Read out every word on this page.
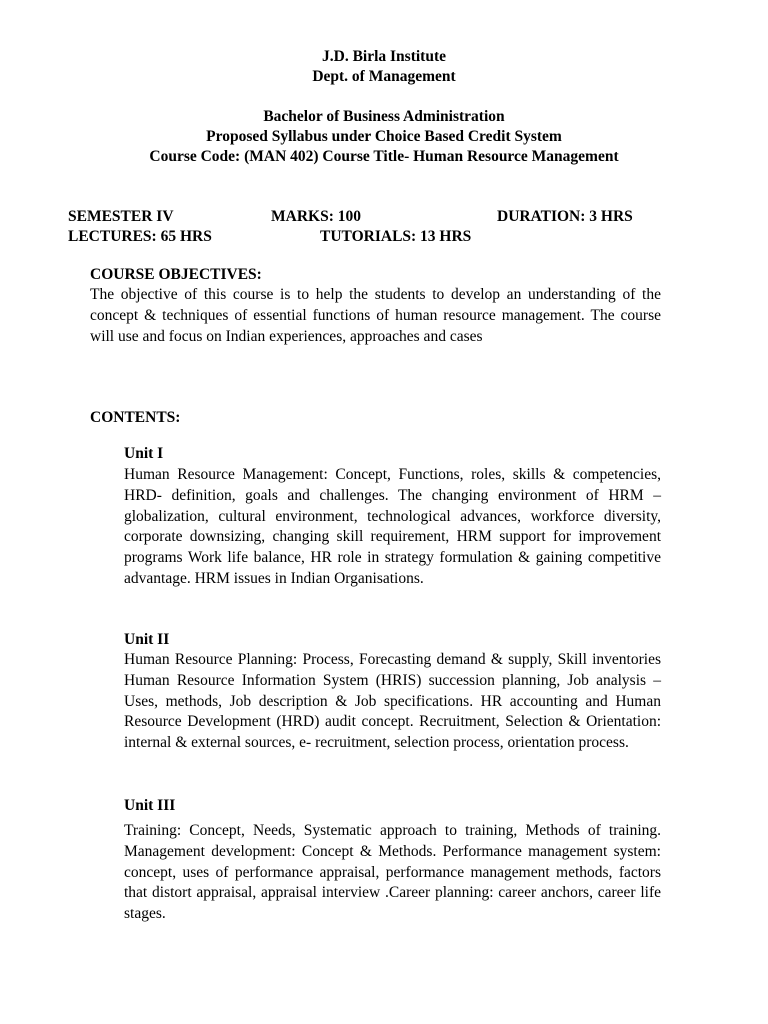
J.D. Birla Institute
Dept. of Management
Bachelor of Business Administration
Proposed Syllabus under Choice Based Credit System
Course Code: (MAN 402) Course Title- Human Resource Management
SEMESTER IV	MARKS: 100	DURATION: 3 HRS
LECTURES: 65 HRS	TUTORIALS: 13 HRS
COURSE OBJECTIVES:
The objective of this course is to help the students to develop an understanding of the concept & techniques of essential functions of human resource management. The course will use and focus on Indian experiences, approaches and cases
CONTENTS:
Unit I
Human Resource Management: Concept, Functions, roles, skills & competencies, HRD- definition, goals and challenges. The changing environment of HRM – globalization, cultural environment, technological advances, workforce diversity, corporate downsizing, changing skill requirement, HRM support for improvement programs Work life balance, HR role in strategy formulation & gaining competitive advantage. HRM issues in Indian Organisations.
Unit II
Human Resource Planning: Process, Forecasting demand & supply, Skill inventories Human Resource Information System (HRIS) succession planning, Job analysis – Uses, methods, Job description & Job specifications. HR accounting and Human Resource Development (HRD) audit concept. Recruitment, Selection & Orientation: internal & external sources, e- recruitment, selection process, orientation process.
Unit III
Training: Concept, Needs, Systematic approach to training, Methods of training. Management development: Concept & Methods. Performance management system: concept, uses of performance appraisal, performance management methods, factors that distort appraisal, appraisal interview .Career planning: career anchors, career life stages.
